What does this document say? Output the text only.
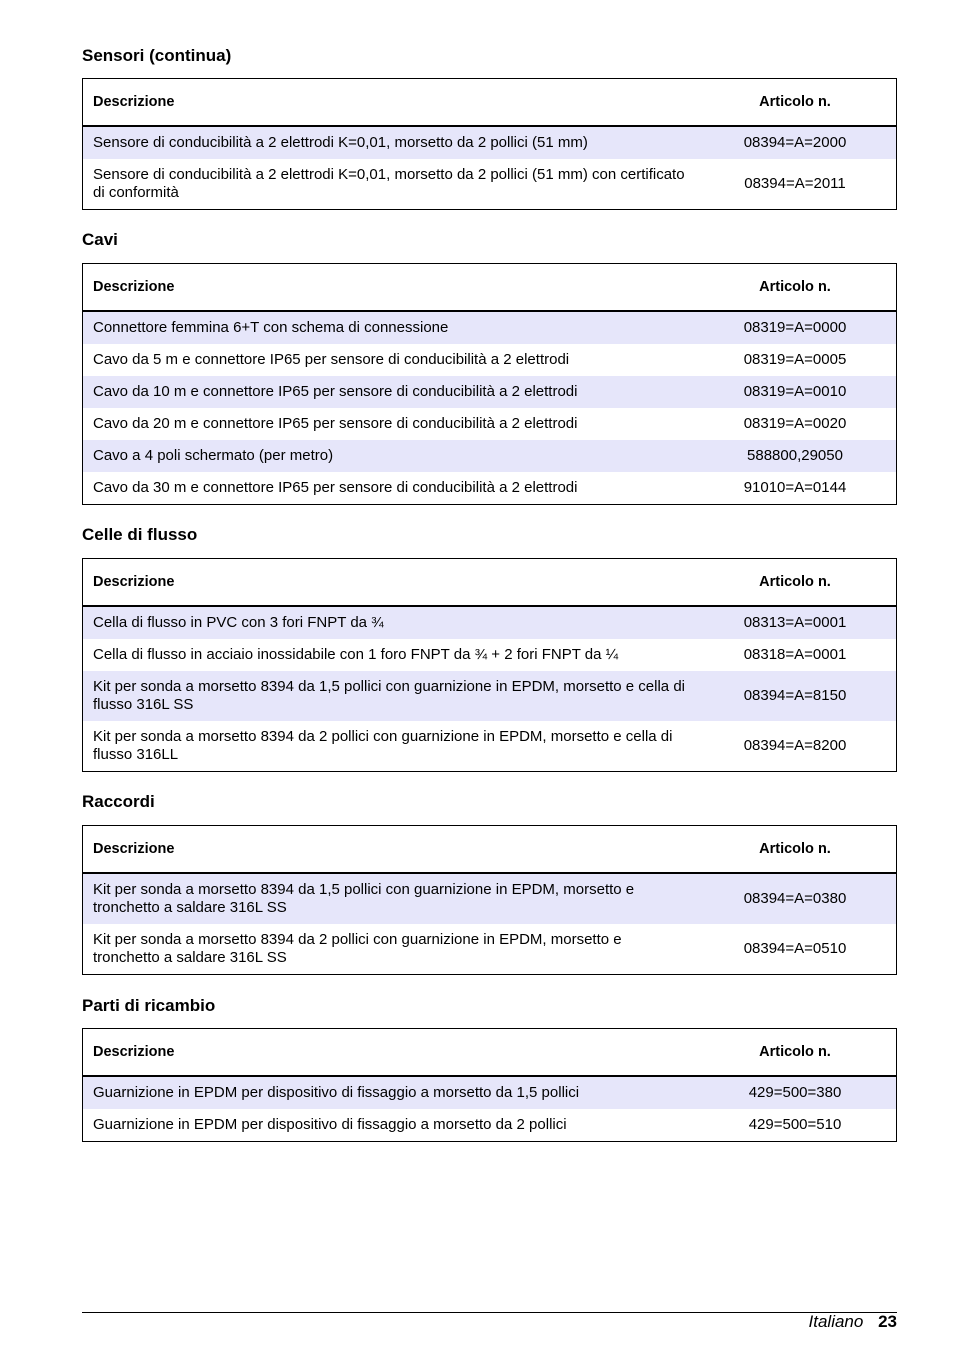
Sensori (continua)
Descrizione	Articolo n.
Sensore di conducibilità a 2 elettrodi K=0,01, morsetto da 2 pollici (51 mm)	08394=A=2000
Sensore di conducibilità a 2 elettrodi K=0,01, morsetto da 2 pollici (51 mm) con certificato di conformità	08394=A=2011
Cavi
Descrizione	Articolo n.
Connettore femmina 6+T con schema di connessione	08319=A=0000
Cavo da 5 m e connettore IP65 per sensore di conducibilità a 2 elettrodi	08319=A=0005
Cavo da 10 m e connettore IP65 per sensore di conducibilità a 2 elettrodi	08319=A=0010
Cavo da 20 m e connettore IP65 per sensore di conducibilità a 2 elettrodi	08319=A=0020
Cavo a 4 poli schermato (per metro)	588800,29050
Cavo da 30 m e connettore IP65 per sensore di conducibilità a 2 elettrodi	91010=A=0144
Celle di flusso
Descrizione	Articolo n.
Cella di flusso in PVC con 3 fori FNPT da ¾	08313=A=0001
Cella di flusso in acciaio inossidabile con 1 foro FNPT da ¾ + 2 fori FNPT da ¼	08318=A=0001
Kit per sonda a morsetto 8394 da 1,5 pollici con guarnizione in EPDM, morsetto e cella di flusso 316L SS	08394=A=8150
Kit per sonda a morsetto 8394 da 2 pollici con guarnizione in EPDM, morsetto e cella di flusso 316LL	08394=A=8200
Raccordi
Descrizione	Articolo n.
Kit per sonda a morsetto 8394 da 1,5 pollici con guarnizione in EPDM, morsetto e tronchetto a saldare 316L SS	08394=A=0380
Kit per sonda a morsetto 8394 da 2 pollici con guarnizione in EPDM, morsetto e tronchetto a saldare 316L SS	08394=A=0510
Parti di ricambio
Descrizione	Articolo n.
Guarnizione in EPDM per dispositivo di fissaggio a morsetto da 1,5 pollici	429=500=380
Guarnizione in EPDM per dispositivo di fissaggio a morsetto da 2 pollici	429=500=510
Italiano 23
